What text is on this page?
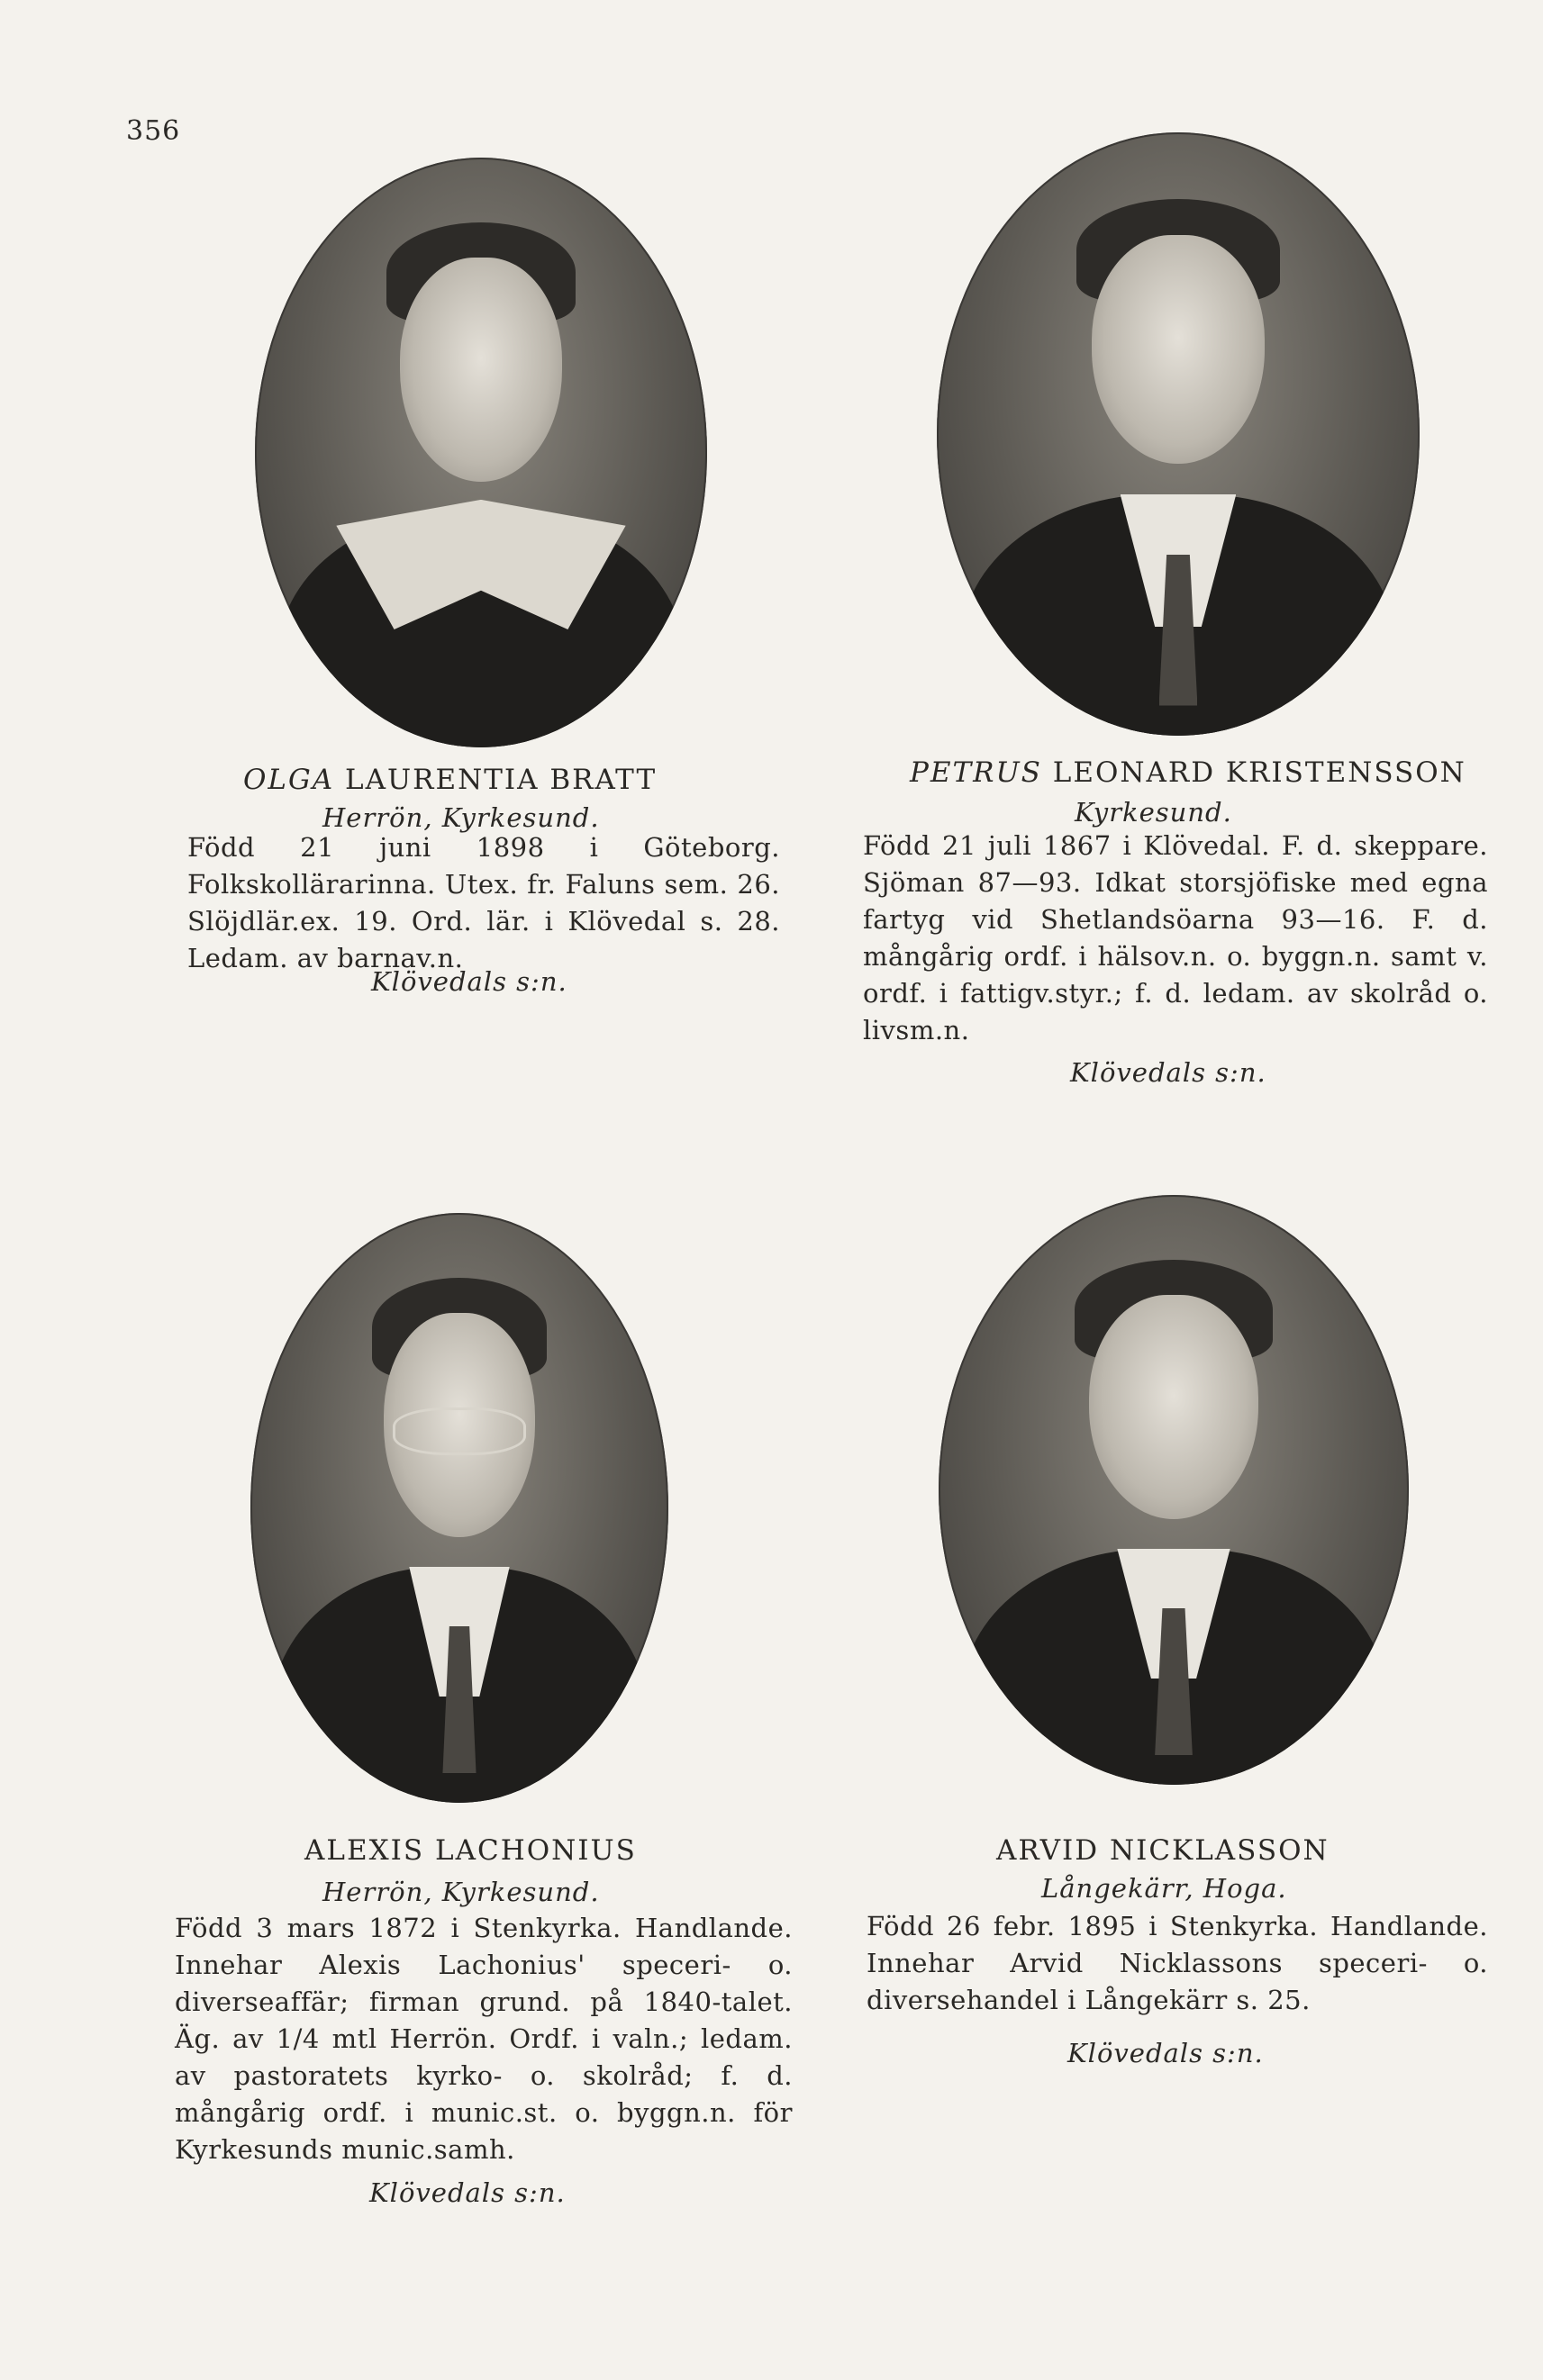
356
OLGA LAURENTIA BRATT
Herrön, Kyrkesund.
Född 21 juni 1898 i Göteborg. Folkskollärarinna. Utex. fr. Faluns sem. 26. Slöjdlär.ex. 19. Ord. lär. i Klövedal s. 28. Ledam. av barnav.n.
Klövedals s:n.
PETRUS LEONARD KRISTENSSON
Kyrkesund.
Född 21 juli 1867 i Klövedal. F. d. skeppare. Sjöman 87—93. Idkat storsjöfiske med egna fartyg vid Shetlandsöarna 93—16. F. d. mångårig ordf. i hälsov.n. o. byggn.n. samt v. ordf. i fattigv.styr.; f. d. ledam. av skolråd o. livsm.n.
Klövedals s:n.
ALEXIS LACHONIUS
Herrön, Kyrkesund.
Född 3 mars 1872 i Stenkyrka. Handlande. Innehar Alexis Lachonius' speceri- o. diverseaffär; firman grund. på 1840-talet. Äg. av 1/4 mtl Herrön. Ordf. i valn.; ledam. av pastoratets kyrko- o. skolråd; f. d. mångårig ordf. i munic.st. o. byggn.n. för Kyrkesunds munic.samh.
Klövedals s:n.
ARVID NICKLASSON
Långekärr, Hoga.
Född 26 febr. 1895 i Stenkyrka. Handlande. Innehar Arvid Nicklassons speceri- o. diversehandel i Långekärr s. 25.
Klövedals s:n.
